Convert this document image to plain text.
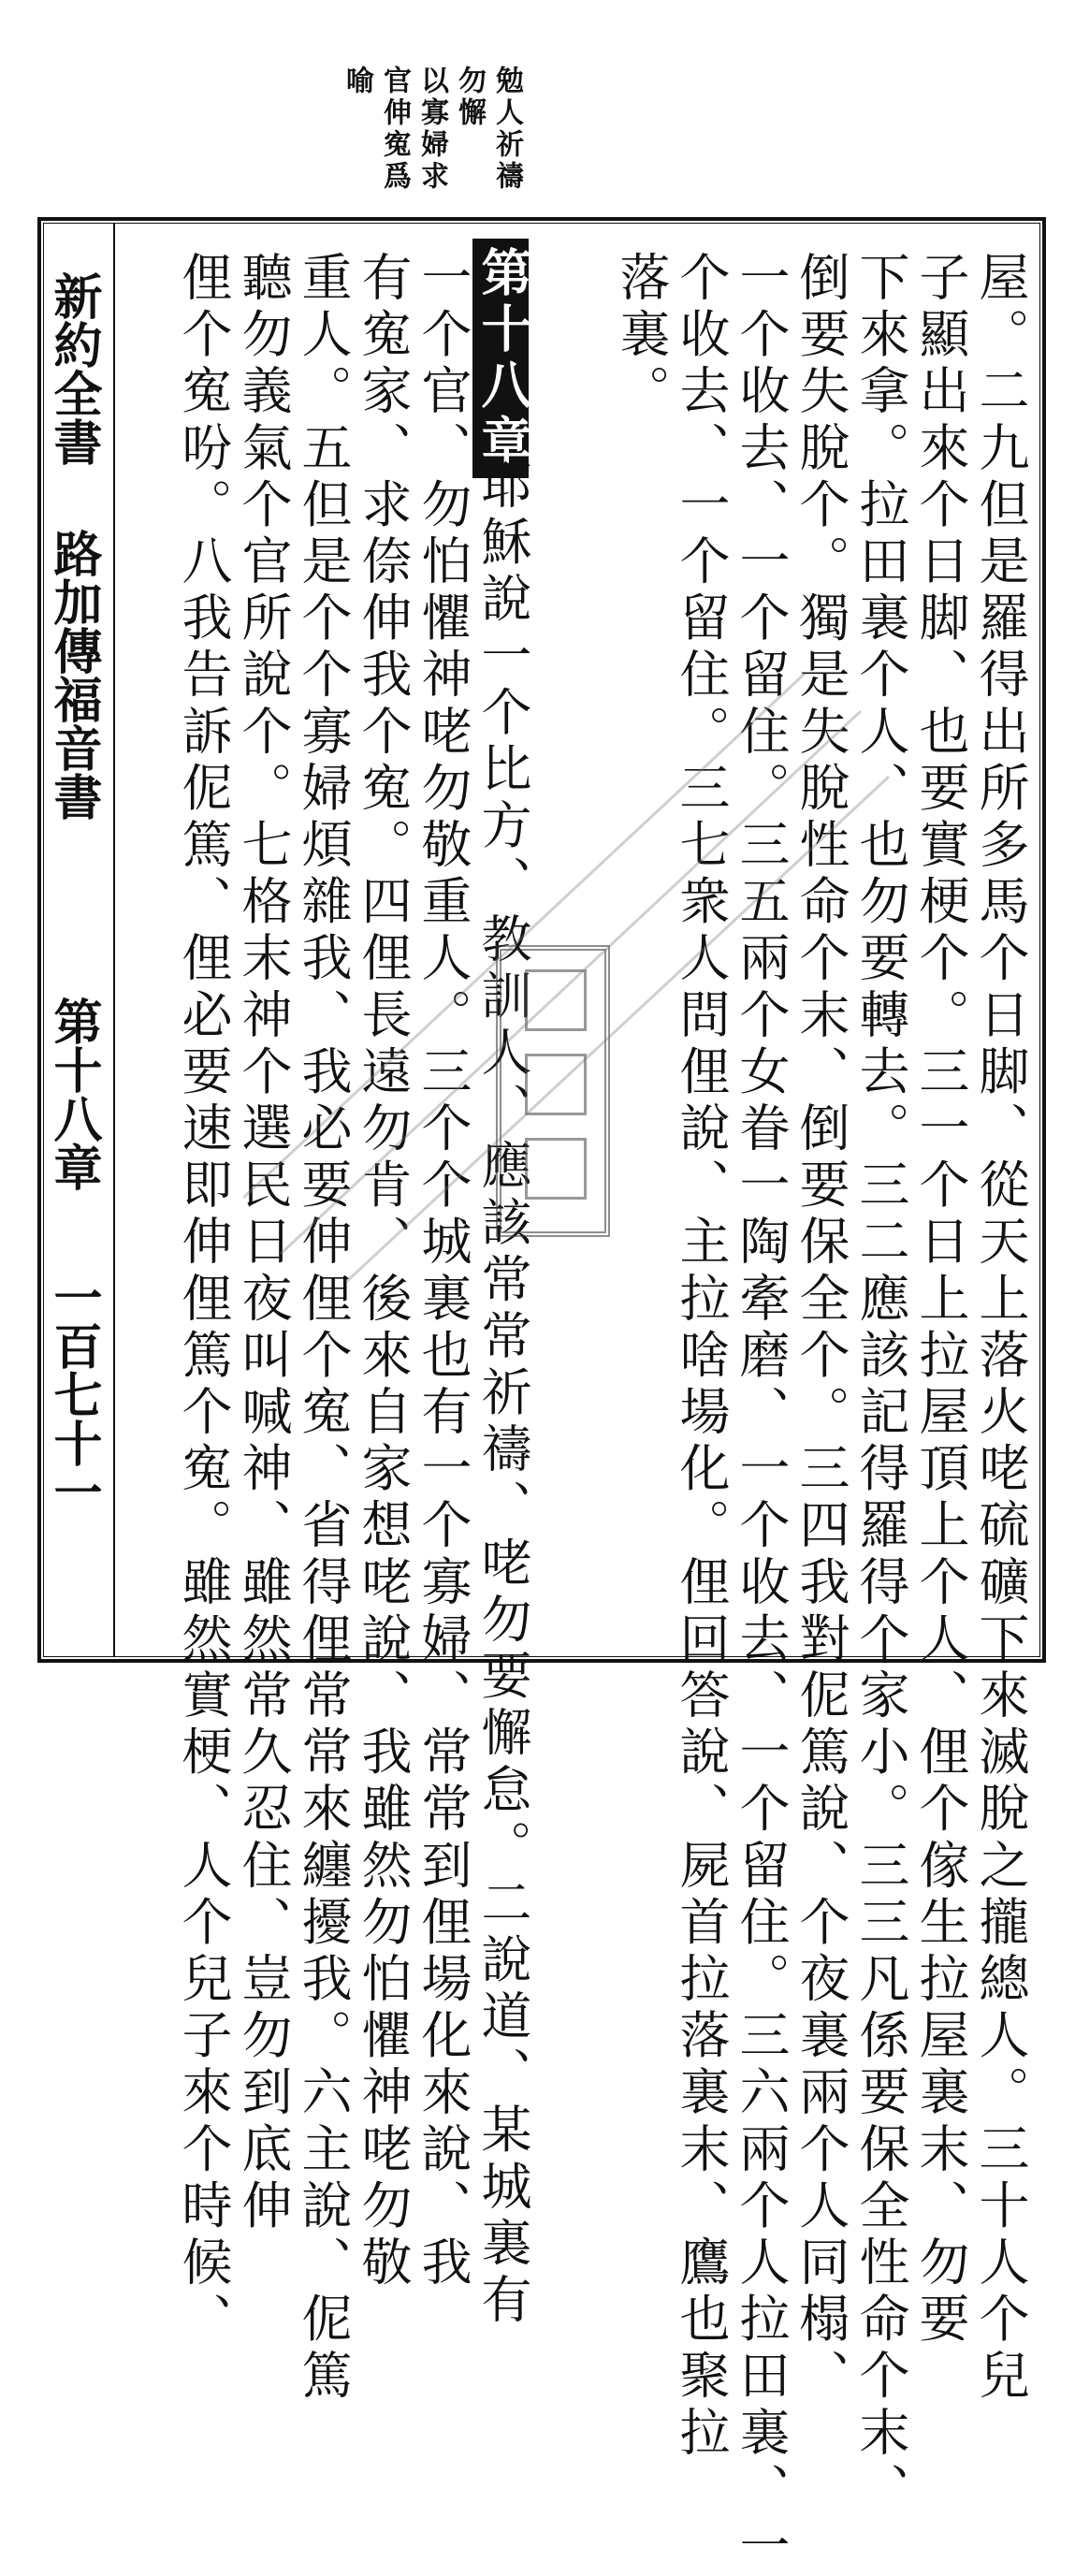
勉人祈禱
勿懈
以寡婦求
官伸寃爲
喻
屋。二九但是羅得出所多馬个日脚、從天上落火咾硫礦下來滅脫之攏總人。三十人个兒
子顯出來个日脚、也要實梗个。三一个日上拉屋頂上个人、俚个傢生拉屋裏末、勿要
下來拿。拉田裏个人、也勿要轉去。三二應該記得羅得个家小。三三凡係要保全性命个末、
倒要失脫个。獨是失脫性命个末、倒要保全个。三四我對伲篤說、个夜裏兩个人同榻、
一个收去、一个留住。三五兩个女眷一陶牽磨、一个收去、一个留住。三六兩个人拉田裏、一
个收去、一个留住。三七衆人問俚說、主拉啥場化。俚回答說、屍首拉落裏末、鷹也聚拉
落裏。
第十八章
耶穌說一个比方、教訓人、應該常常祈禱、咾勿要懈怠。二說道、某城裏有
一个官、勿怕懼神咾勿敬重人。三个个城裏也有一个寡婦、常常到俚場化來說、我
有寃家、求倷伸我个寃。四俚長遠勿肯、後來自家想咾說、我雖然勿怕懼神咾勿敬
重人。五但是个个寡婦煩雜我、我必要伸俚个寃、省得俚常常來纏擾我。六主說、伲篤
聽勿義氣个官所說个。七格末神个選民日夜叫喊神、雖然常久忍住、豈勿到底伸
俚个寃吩。八我告訴伲篤、俚必要速即伸俚篤个寃。雖然實梗、人个兒子來个時候、
新約全書
路加傳福音書
第十八章
一百七十一
